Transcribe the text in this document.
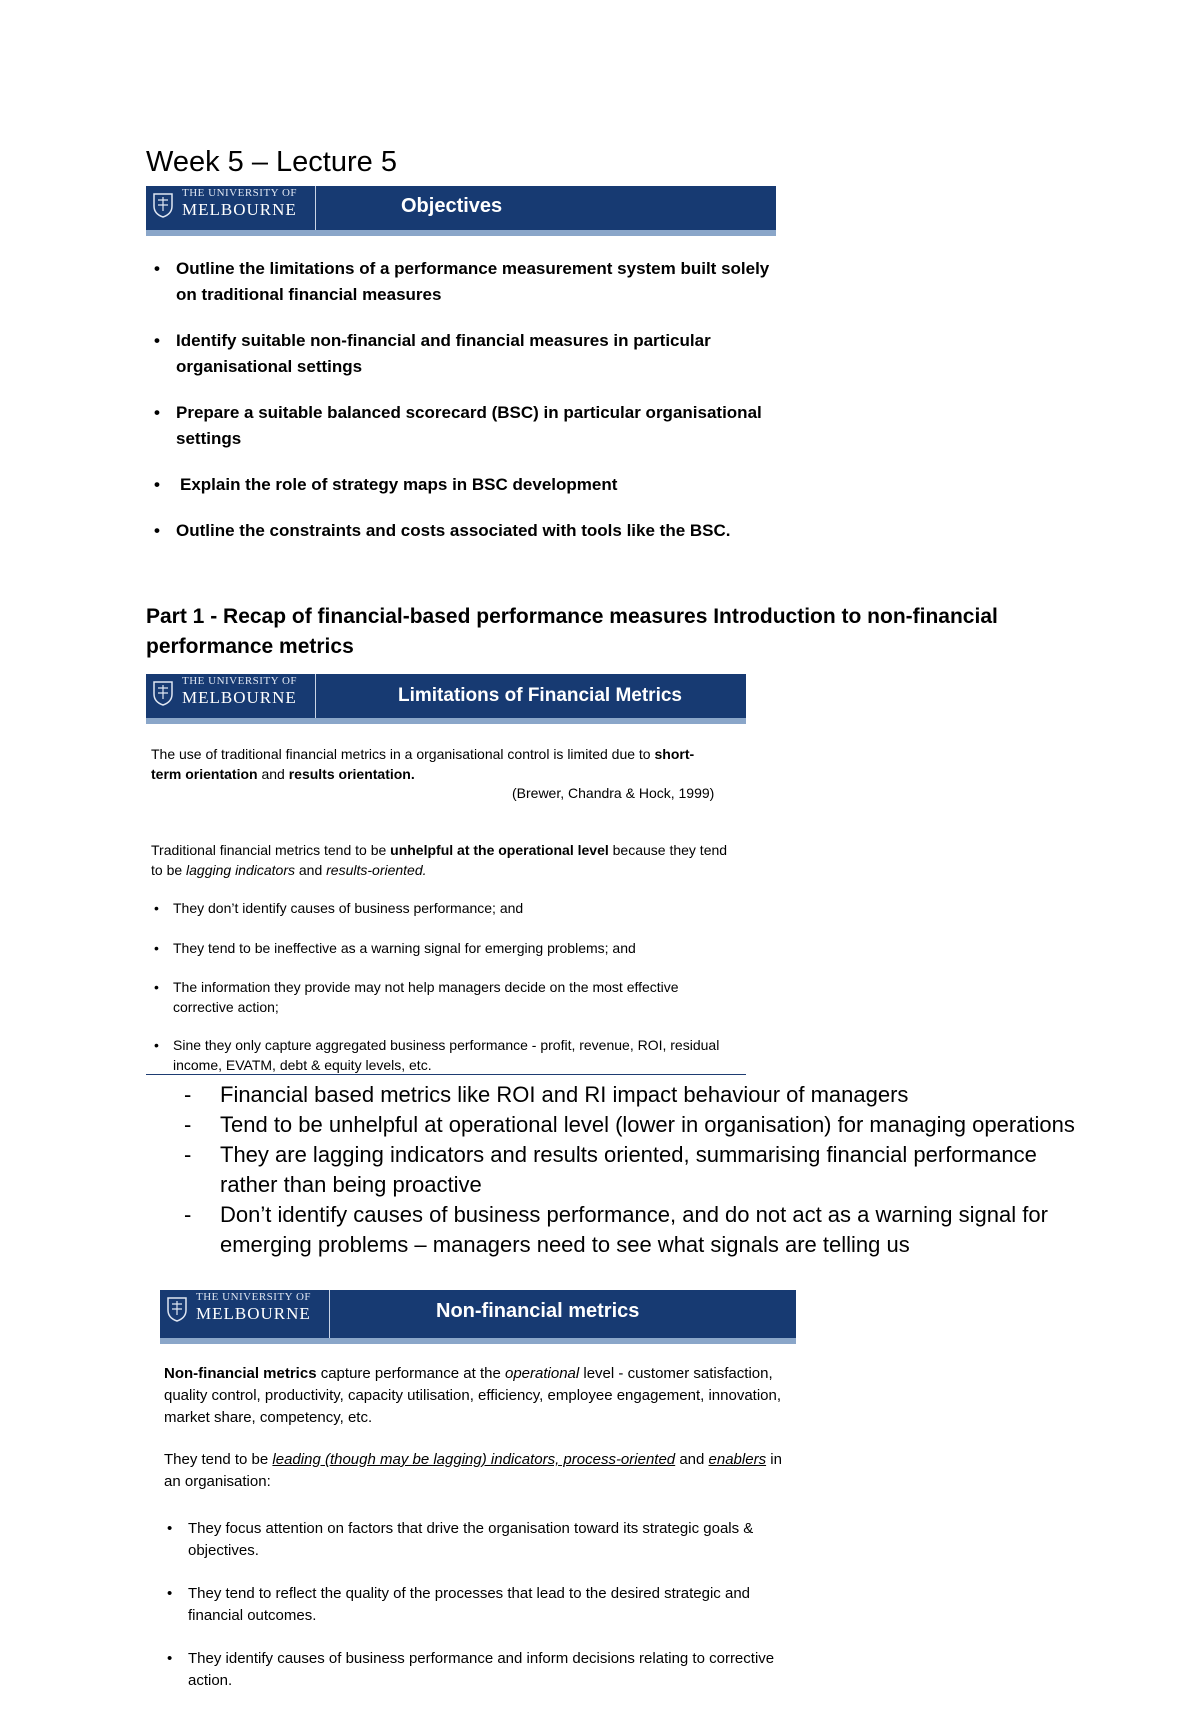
Week 5 – Lecture 5
THE UNIVERSITY OF
MELBOURNE	Objectives
• Outline the limitations of a performance measurement system built solely on traditional financial measures
• Identify suitable non-financial and financial measures in particular organisational settings
• Prepare a suitable balanced scorecard (BSC) in particular organisational settings
• Explain the role of strategy maps in BSC development
• Outline the constraints and costs associated with tools like the BSC.
Part 1 - Recap of financial-based performance measures Introduction to non-financial performance metrics
THE UNIVERSITY OF
MELBOURNE	Limitations of Financial Metrics
The use of traditional financial metrics in a organisational control is limited due to short-term orientation and results orientation.
(Brewer, Chandra & Hock, 1999)
Traditional financial metrics tend to be unhelpful at the operational level because they tend to be lagging indicators and results-oriented.
• They don’t identify causes of business performance; and
• They tend to be ineffective as a warning signal for emerging problems; and
• The information they provide may not help managers decide on the most effective corrective action;
• Sine they only capture aggregated business performance - profit, revenue, ROI, residual income, EVATM, debt & equity levels, etc.
- Financial based metrics like ROI and RI impact behaviour of managers
- Tend to be unhelpful at operational level (lower in organisation) for managing operations
- They are lagging indicators and results oriented, summarising financial performance rather than being proactive
- Don’t identify causes of business performance, and do not act as a warning signal for emerging problems – managers need to see what signals are telling us
THE UNIVERSITY OF
MELBOURNE	Non-financial metrics
Non-financial metrics capture performance at the operational level - customer satisfaction, quality control, productivity, capacity utilisation, efficiency, employee engagement, innovation, market share, competency, etc.
They tend to be leading (though may be lagging) indicators, process-oriented and enablers in an organisation:
• They focus attention on factors that drive the organisation toward its strategic goals & objectives.
• They tend to reflect the quality of the processes that lead to the desired strategic and financial outcomes.
• They identify causes of business performance and inform decisions relating to corrective action.
